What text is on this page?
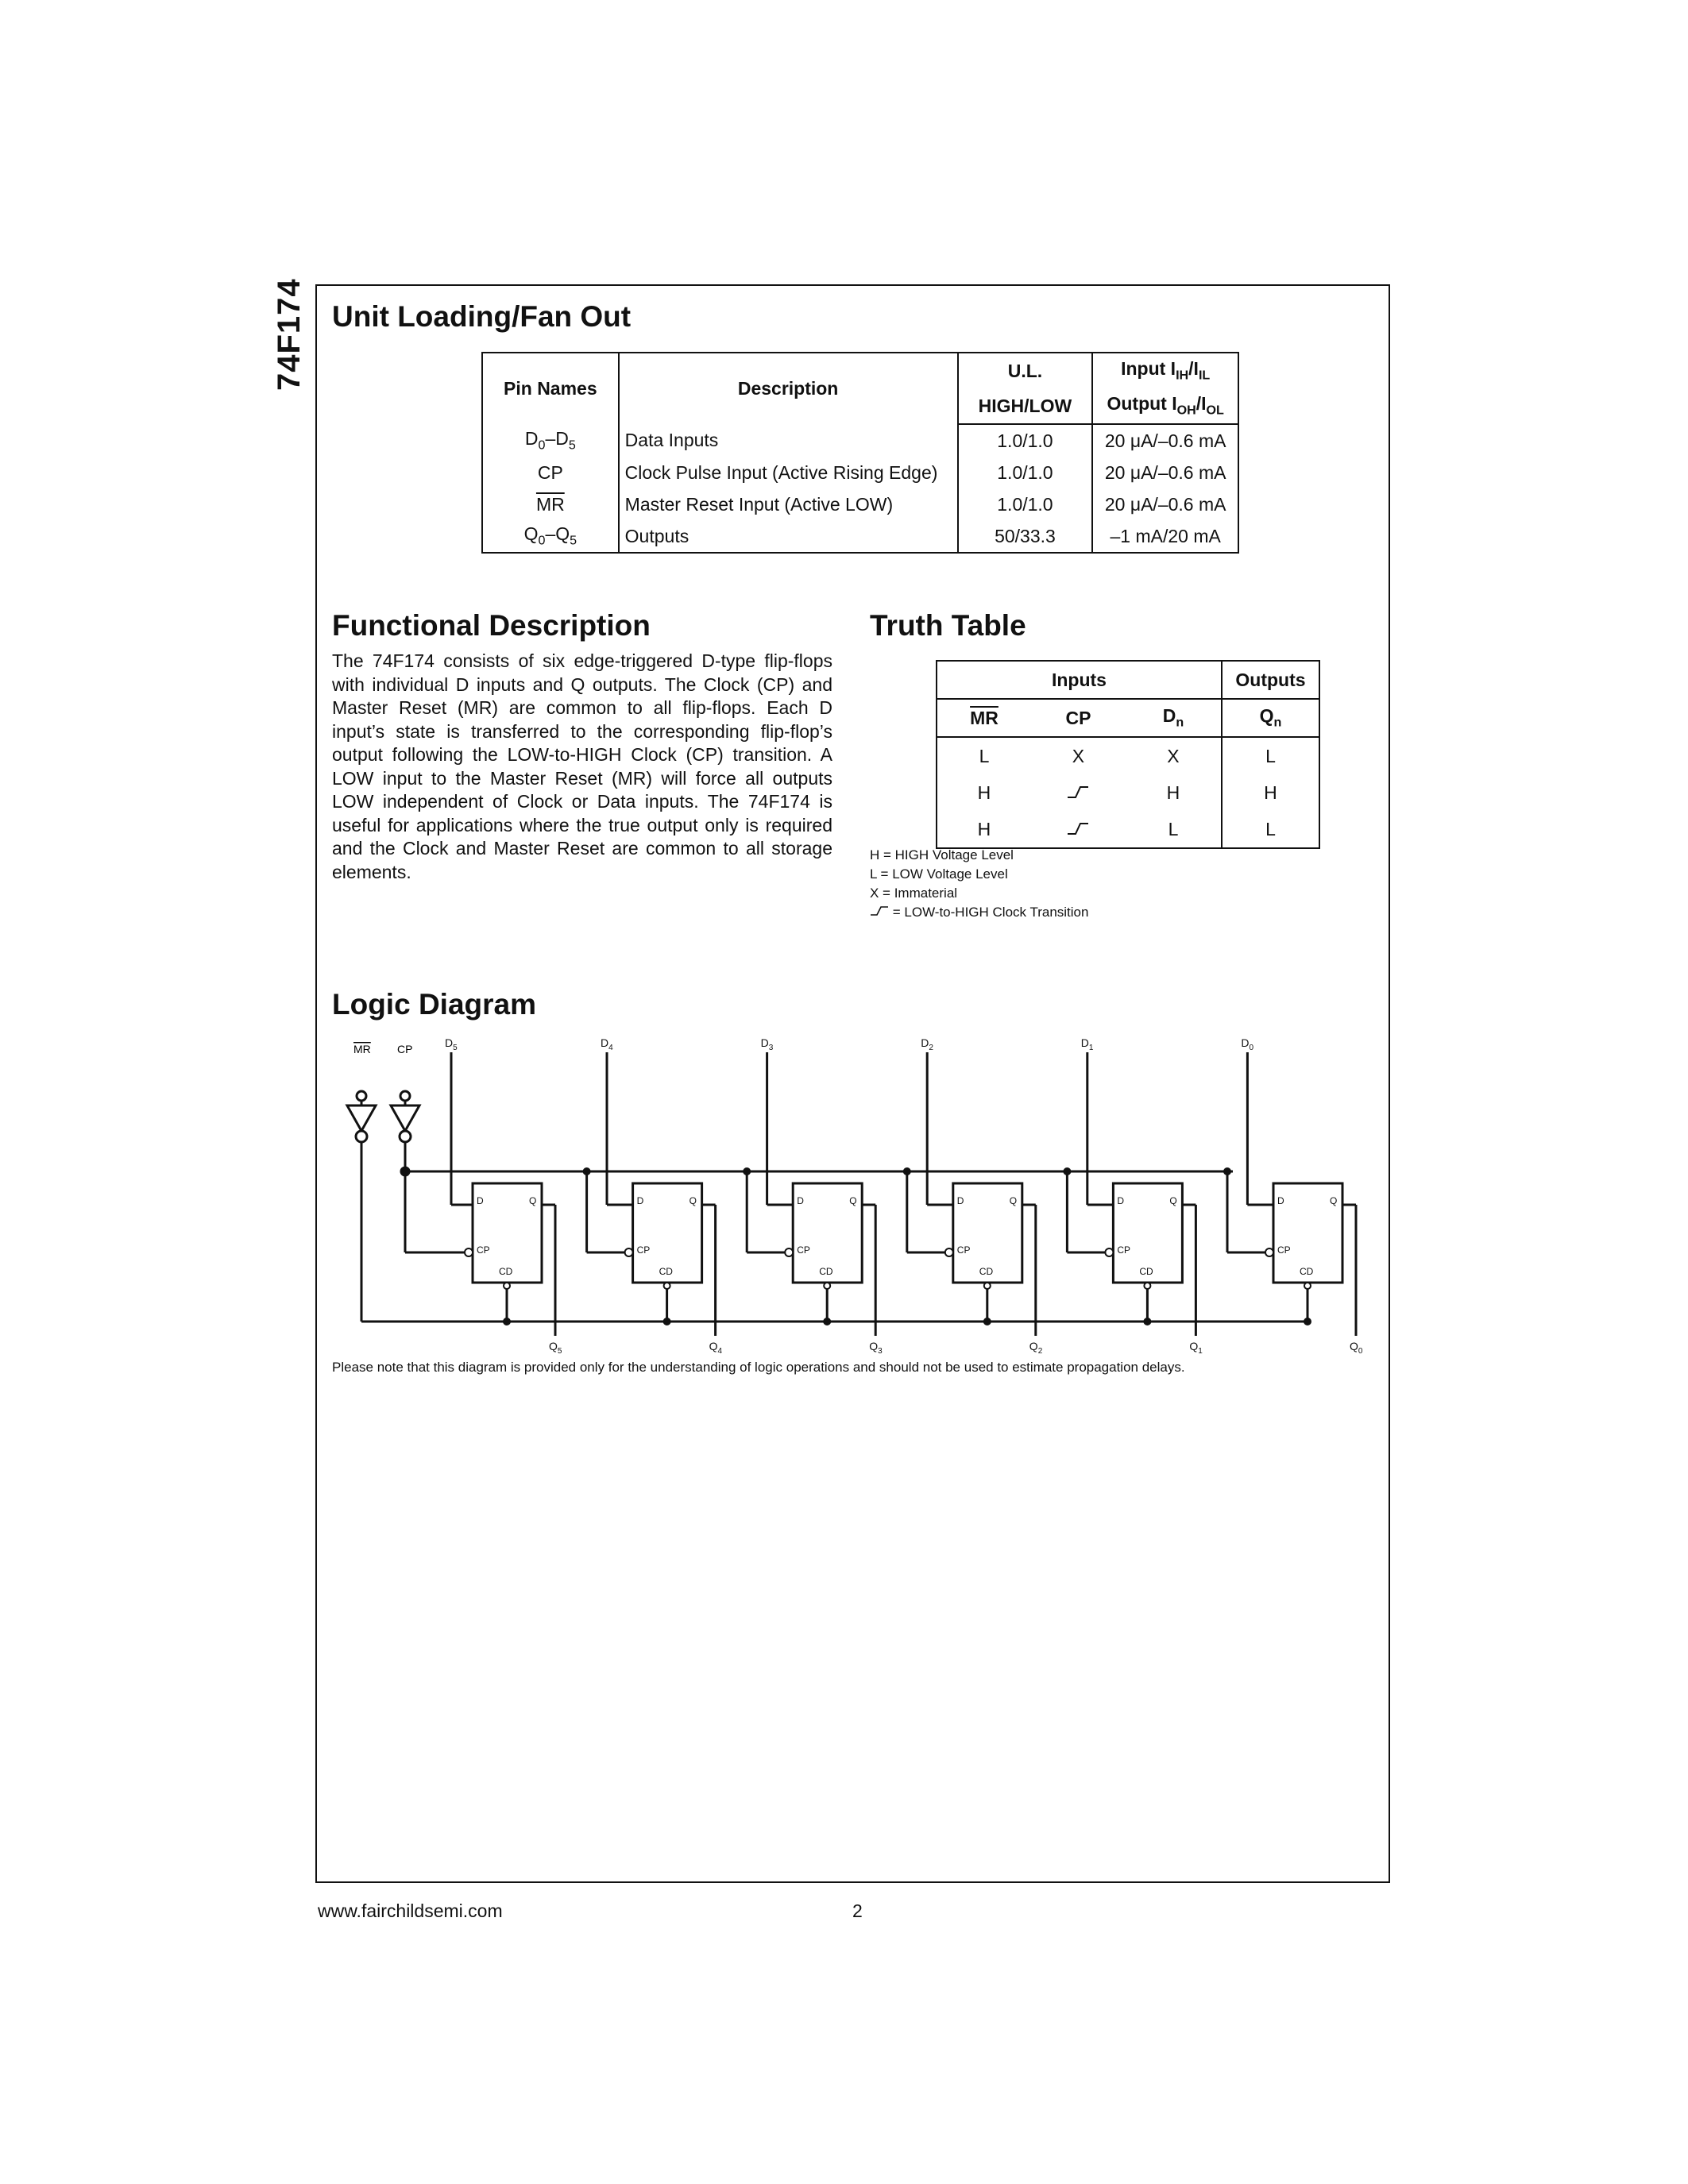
74F174 Unit Loading/Fan Out
Pin Names	Description	U.L.	Input $I_{IH}/I_{IL}$
		HIGH/LOW	Output $I_{OH}/I_{OL}$
$D_0-D_5$	Data Inputs	1.0/1.0	20 μA/–0.6 mA
CP	Clock Pulse Input (Active Rising Edge)	1.0/1.0	20 μA/–0.6 mA
$\overline{MR}$	Master Reset Input (Active LOW)	1.0/1.0	20 μA/–0.6 mA
$Q_0-Q_5$	Outputs	50/33.3	–1 mA/20 mA
Functional Description

The 74F174 consists of six edge-triggered D-type flip-flops with individual D inputs and Q outputs. The Clock (CP) and Master Reset (MR) are common to all flip-flops. Each D input’s state is transferred to the corresponding flip-flop’s output following the LOW-to-HIGH Clock (CP) transition. A LOW input to the Master Reset (MR) will force all outputs LOW independent of Clock or Data inputs. The 74F174 is useful for applications where the true output only is required and the Clock and Master Reset are common to all storage elements.

Truth Table
Inputs			Outputs
$\overline{MR}$	CP	$D_n$	$Q_n$
L	X	X	L
H		H	H
H		L	L
H = HIGH Voltage Level
L = LOW Voltage Level
X = Immaterial
= LOW-to-HIGH Clock Transition
Logic Diagram
D	Q
CP
CD
$D_5$
$Q_5$
D	Q
CP
CD
$D_4$
$Q_4$
D	Q
CP
CD
$D_3$
$Q_3$
D	Q
CP
CD
$D_2$
$Q_2$
D	Q
CP
CD
$D_1$
$Q_1$
D	Q
CP
CD
$D_0$
$Q_0$
MR CP

Please note that this diagram is provided only for the understanding of logic operations and should not be used to estimate propagation delays.

www.fairchildsemi.com	2
